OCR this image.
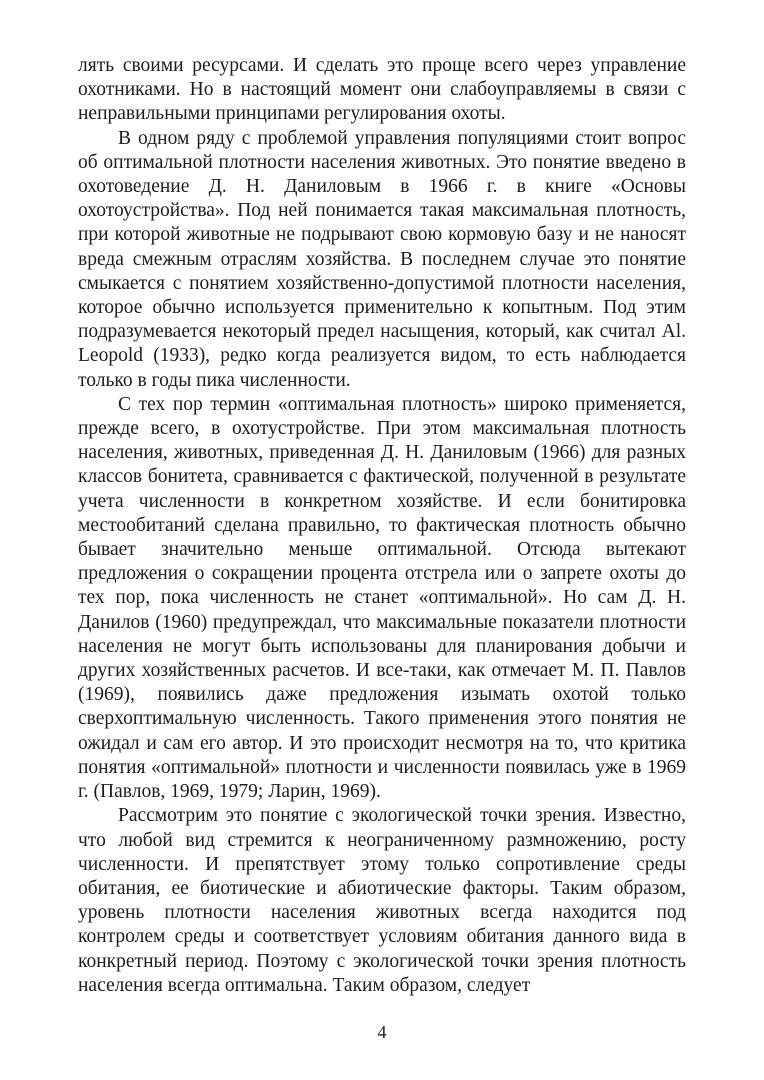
лять своими ресурсами. И сделать это проще всего через управление охотниками. Но в настоящий момент они слабоуправляемы в связи с неправильными принципами регулирования охоты.

В одном ряду с проблемой управления популяциями стоит вопрос об оптимальной плотности населения животных. Это понятие введено в охотоведение Д. Н. Даниловым в 1966 г. в книге «Основы охотоустройства». Под ней понимается такая максимальная плотность, при которой животные не подрывают свою кормовую базу и не наносят вреда смежным отраслям хозяйства. В последнем случае это понятие смыкается с понятием хозяйственно-допустимой плотности населения, которое обычно используется применительно к копытным. Под этим подразумевается некоторый предел насыщения, который, как считал Al. Leopold (1933), редко когда реализуется видом, то есть наблюдается только в годы пика численности.

С тех пор термин «оптимальная плотность» широко применяется, прежде всего, в охотустройстве. При этом максимальная плотность населения, животных, приведенная Д. Н. Даниловым (1966) для разных классов бонитета, сравнивается с фактической, полученной в результате учета численности в конкретном хозяйстве. И если бонитировка местообитаний сделана правильно, то фактическая плотность обычно бывает значительно меньше оптимальной. Отсюда вытекают предложения о сокращении процента отстрела или о запрете охоты до тех пор, пока численность не станет «оптимальной». Но сам Д. Н. Данилов (1960) предупреждал, что максимальные показатели плотности населения не могут быть использованы для планирования добычи и других хозяйственных расчетов. И все-таки, как отмечает М. П. Павлов (1969), появились даже предложения изымать охотой только сверхоптимальную численность. Такого применения этого понятия не ожидал и сам его автор. И это происходит несмотря на то, что критика понятия «оптимальной» плотности и численности появилась уже в 1969 г. (Павлов, 1969, 1979; Ларин, 1969).

Рассмотрим это понятие с экологической точки зрения. Известно, что любой вид стремится к неограниченному размножению, росту численности. И препятствует этому только сопротивление среды обитания, ее биотические и абиотические факторы. Таким образом, уровень плотности населения животных всегда находится под контролем среды и соответствует условиям обитания данного вида в конкретный период. Поэтому с экологической точки зрения плотность населения всегда оптимальна. Таким образом, следует

4
